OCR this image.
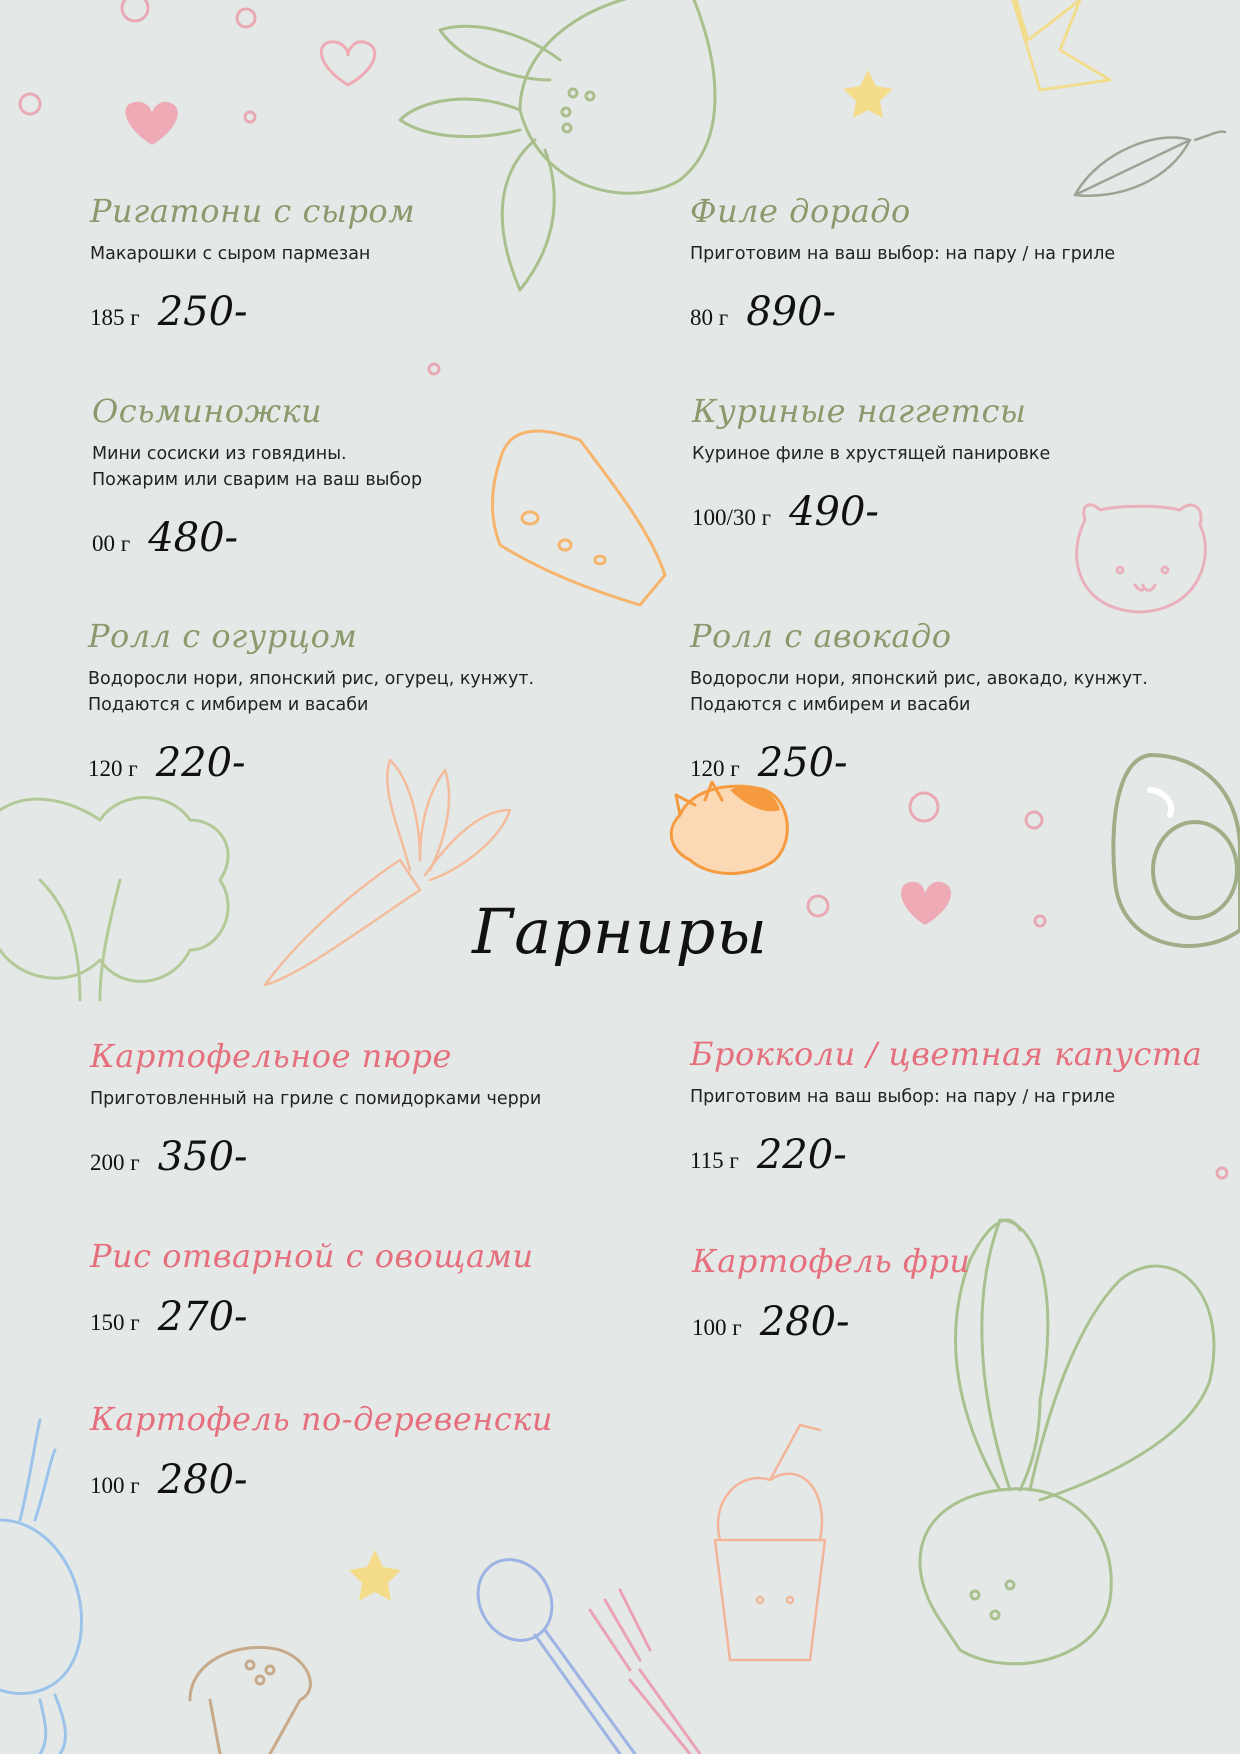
Ригатони с сыром
Макарошки с сыром пармезан
185 г 250-
Филе дорадо
Приготовим на ваш выбор: на пару / на гриле
80 г 890-
Осьминожки
Мини сосиски из говядины.
Пожарим или сварим на ваш выбор
00 г 480-
Куриные наггетсы
Куриное филе в хрустящей панировке
100/30 г 490-
Ролл с огурцом
Водоросли нори, японский рис, огурец, кунжут.
Подаются с имбирем и васаби
120 г 220-
Ролл с авокадо
Водоросли нори, японский рис, авокадо, кунжут.
Подаются с имбирем и васаби
120 г 250-
Гарниры
Картофельное пюре
Приготовленный на гриле с помидорками черри
200 г 350-
Брокколи / цветная капуста
Приготовим на ваш выбор: на пару / на гриле
115 г 220-
Рис отварной с овощами
150 г 270-
Картофель фри
100 г 280-
Картофель по-деревенски
100 г 280-
